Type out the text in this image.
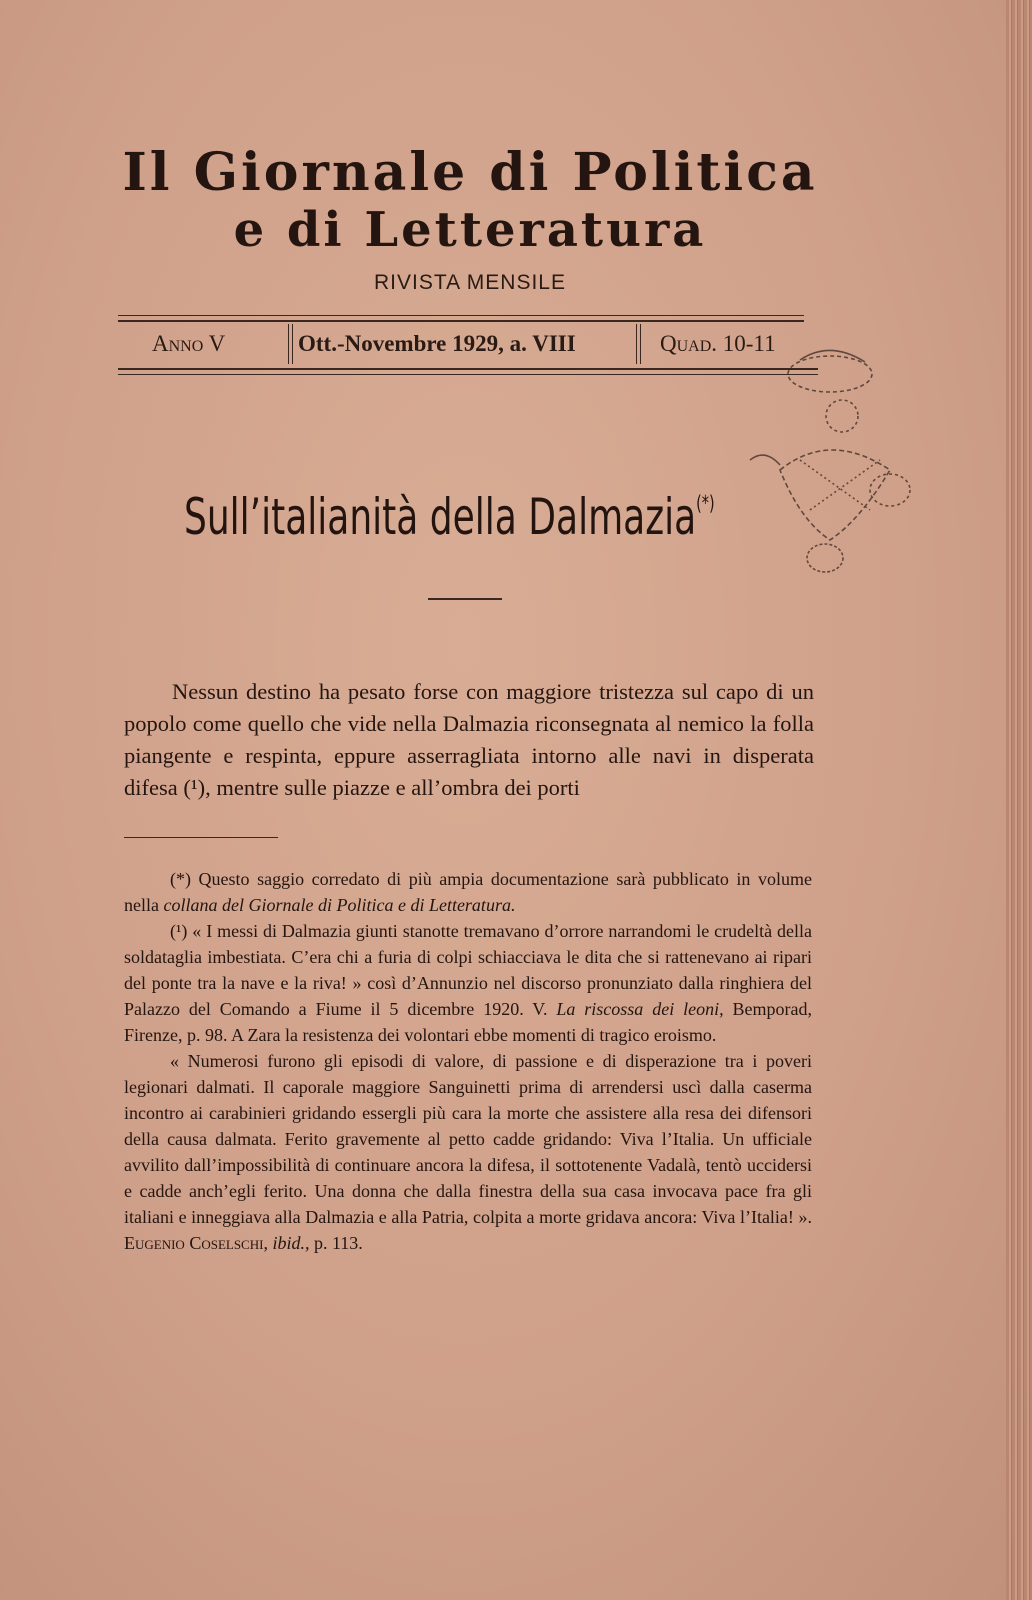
Il Giornale di Politica
e di Letteratura
RIVISTA MENSILE
Anno V	Ott.-Novembre 1929, a. VIII	Quad. 10-11
Sull’italianità della Dalmazia(*)
Nessun destino ha pesato forse con maggiore tristezza sul capo di un popolo come quello che vide nella Dalmazia riconsegnata al nemico la folla piangente e respinta, eppure asserragliata intorno alle navi in disperata difesa (¹), mentre sulle piazze e all’ombra dei porti

(*) Questo saggio corredato di più ampia documentazione sarà pubblicato in volume nella collana del Giornale di Politica e di Letteratura.

(¹) « I messi di Dalmazia giunti stanotte tremavano d’orrore narrandomi le crudeltà della soldataglia imbestiata. C’era chi a furia di colpi schiacciava le dita che si rattenevano ai ripari del ponte tra la nave e la riva! » così d’Annunzio nel discorso pronunziato dalla ringhiera del Palazzo del Comando a Fiume il 5 dicembre 1920. V. La riscossa dei leoni, Bemporad, Firenze, p. 98. A Zara la resistenza dei volontari ebbe momenti di tragico eroismo.

« Numerosi furono gli episodi di valore, di passione e di disperazione tra i poveri legionari dalmati. Il caporale maggiore Sanguinetti prima di arrendersi uscì dalla caserma incontro ai carabinieri gridando essergli più cara la morte che assistere alla resa dei difensori della causa dalmata. Ferito gravemente al petto cadde gridando: Viva l’Italia. Un ufficiale avvilito dall’impossibilità di continuare ancora la difesa, il sottotenente Vadalà, tentò uccidersi e cadde anch’egli ferito. Una donna che dalla finestra della sua casa invocava pace fra gli italiani e inneggiava alla Dalmazia e alla Patria, colpita a morte gridava ancora: Viva l’Italia! ». Eugenio Coselschi, ibid., p. 113.
